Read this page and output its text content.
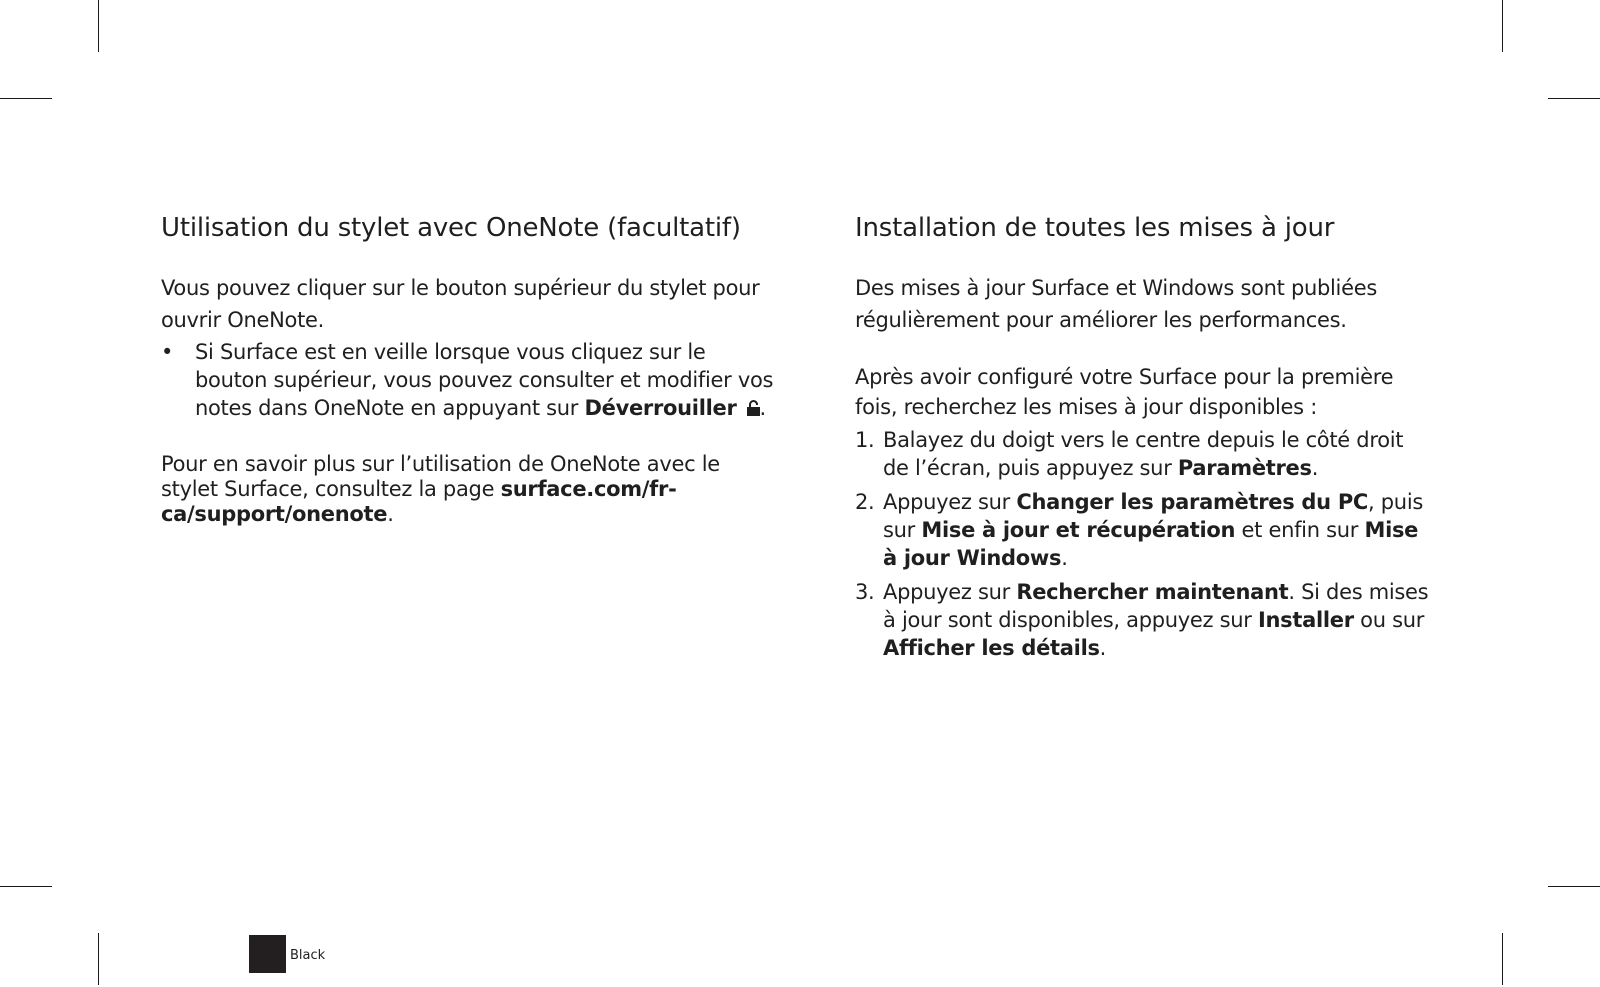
Utilisation du stylet avec OneNote (facultatif)

Vous pouvez cliquer sur le bouton supérieur du stylet pour ouvrir OneNote.

• Si Surface est en veille lorsque vous cliquez sur le bouton supérieur, vous pouvez consulter et modifier vos notes dans OneNote en appuyant sur Déverrouiller .

Pour en savoir plus sur l’utilisation de OneNote avec le stylet Surface, consultez la page surface.com/fr-ca/support/onenote.

Installation de toutes les mises à jour

Des mises à jour Surface et Windows sont publiées régulièrement pour améliorer les performances.

Après avoir configuré votre Surface pour la première fois, recherchez les mises à jour disponibles :

1. Balayez du doigt vers le centre depuis le côté droit de l’écran, puis appuyez sur Paramètres.
2. Appuyez sur Changer les paramètres du PC, puis sur Mise à jour et récupération et enfin sur Mise à jour Windows.
3. Appuyez sur Rechercher maintenant. Si des mises à jour sont disponibles, appuyez sur Installer ou sur Afficher les détails.
Black
